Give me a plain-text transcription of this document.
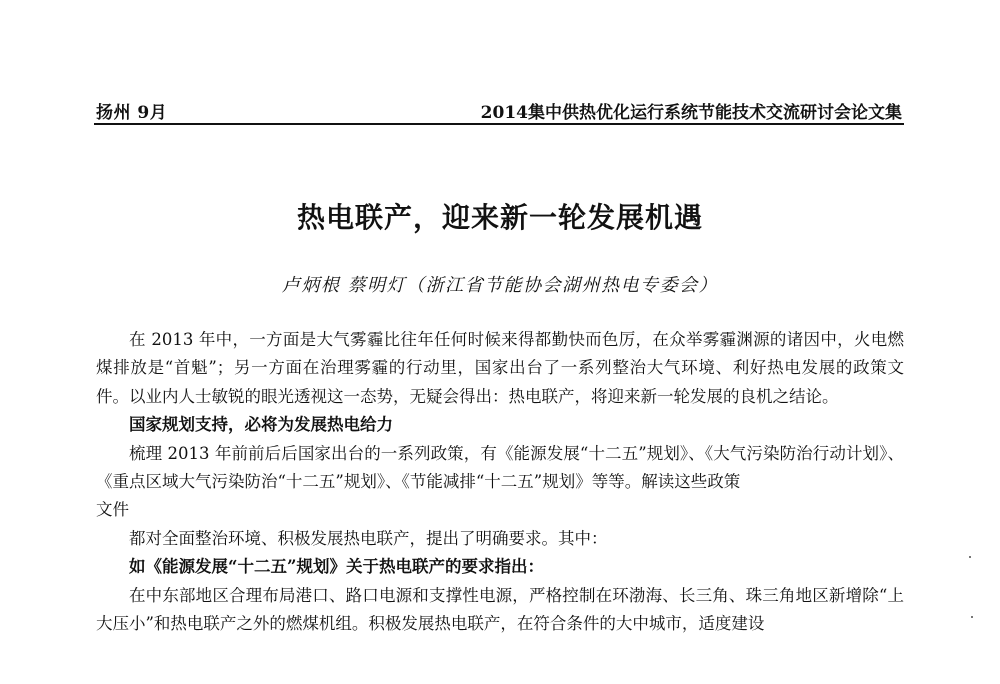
扬州 9月	2014集中供热优化运行系统节能技术交流研讨会论文集
热电联产，迎来新一轮发展机遇
卢炳根 蔡明灯（浙江省节能协会湖州热电专委会）

在 2013 年中，一方面是大气雾霾比往年任何时候来得都勤快而色厉，在众举雾霾渊源的诸因中，火电燃煤排放是“首魁”；另一方面在治理雾霾的行动里，国家出台了一系列整治大气环境、利好热电发展的政策文件。以业内人士敏锐的眼光透视这一态势，无疑会得出：热电联产，将迎来新一轮发展的良机之结论。

国家规划支持，必将为发展热电给力

梳理 2013 年前前后后国家出台的一系列政策，有《能源发展“十二五”规划》、《大气污染防治行动计划》、《重点区域大气污染防治“十二五”规划》、《节能减排“十二五”规划》等等。解读这些政策

文件

都对全面整治环境、积极发展热电联产，提出了明确要求。其中：

如《能源发展“十二五”规划》关于热电联产的要求指出：

在中东部地区合理布局港口、路口电源和支撑性电源，严格控制在环渤海、长三角、珠三角地区新增除“上大压小”和热电联产之外的燃煤机组。积极发展热电联产，在符合条件的大中城市，适度建设
